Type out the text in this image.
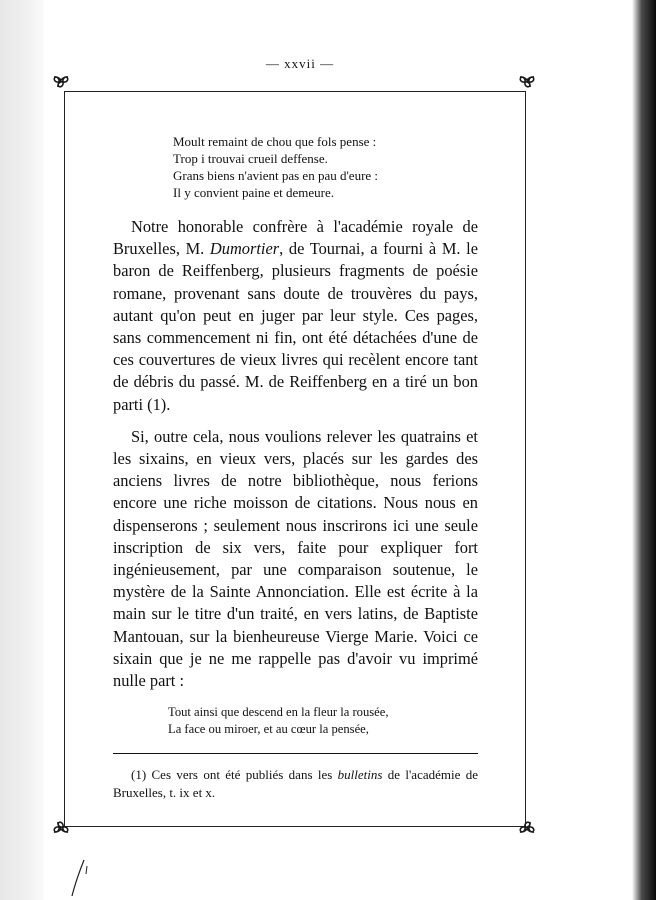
— xxvii —
Moult remaint de chou que fols pense :
Trop i trouvai crueil deffense.
Grans biens n'avient pas en pau d'eure :
Il y convient paine et demeure.

Notre honorable confrère à l'académie royale de Bruxelles, M. Dumortier, de Tournai, a fourni à M. le baron de Reiffenberg, plusieurs fragments de poésie romane, provenant sans doute de trouvères du pays, autant qu'on peut en juger par leur style. Ces pages, sans commencement ni fin, ont été détachées d'une de ces couvertures de vieux livres qui recèlent encore tant de débris du passé. M. de Reiffenberg en a tiré un bon parti (1).

Si, outre cela, nous voulions relever les quatrains et les sixains, en vieux vers, placés sur les gardes des anciens livres de notre bibliothèque, nous ferions encore une riche moisson de citations. Nous nous en dispenserons ; seulement nous inscrirons ici une seule inscription de six vers, faite pour expliquer fort ingénieusement, par une comparaison soutenue, le mystère de la Sainte Annonciation. Elle est écrite à la main sur le titre d'un traité, en vers latins, de Baptiste Mantouan, sur la bienheureuse Vierge Marie. Voici ce sixain que je ne me rappelle pas d'avoir vu imprimé nulle part :

Tout ainsi que descend en la fleur la rousée,
La face ou miroer, et au cœur la pensée,
(1) Ces vers ont été publiés dans les bulletins de l'académie de Bruxelles, t. ix et x.
